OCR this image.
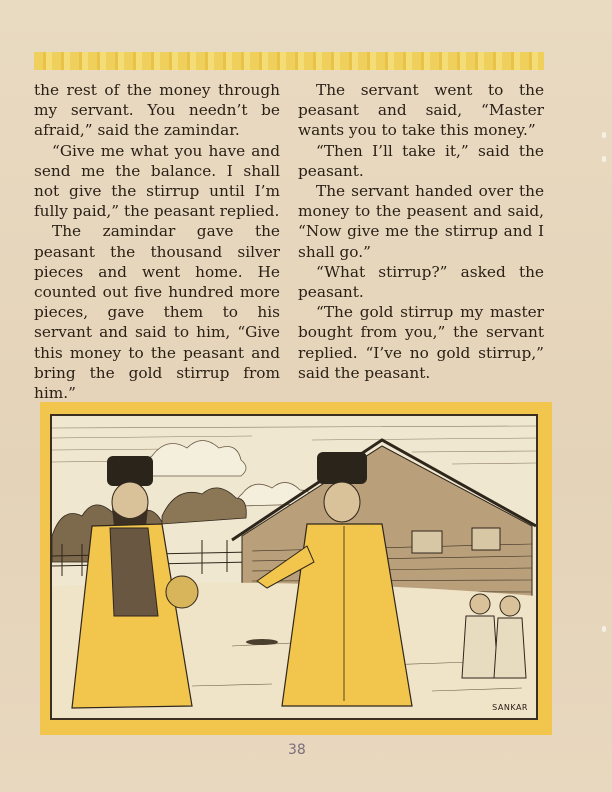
the rest of the money through my servant. You needn’t be afraid,” said the zamindar.

“Give me what you have and send me the balance. I shall not give the stirrup until I’m fully paid,” the peasant replied.

The zamindar gave the peasant the thousand silver pieces and went home. He counted out five hundred more pieces, gave them to his servant and said to him, “Give this money to the peasant and bring the gold stirrup from him.”

The servant went to the peasant and said, “Master wants you to take this money.”

“Then I’ll take it,” said the peasant.

The servant handed over the money to the peasent and said, “Now give me the stirrup and I shall go.”

“What stirrup?” asked the peasant.

“The gold stirrup my master bought from you,” the servant replied. “I’ve no gold stirrup,” said the peasant.

SANKAR
38
